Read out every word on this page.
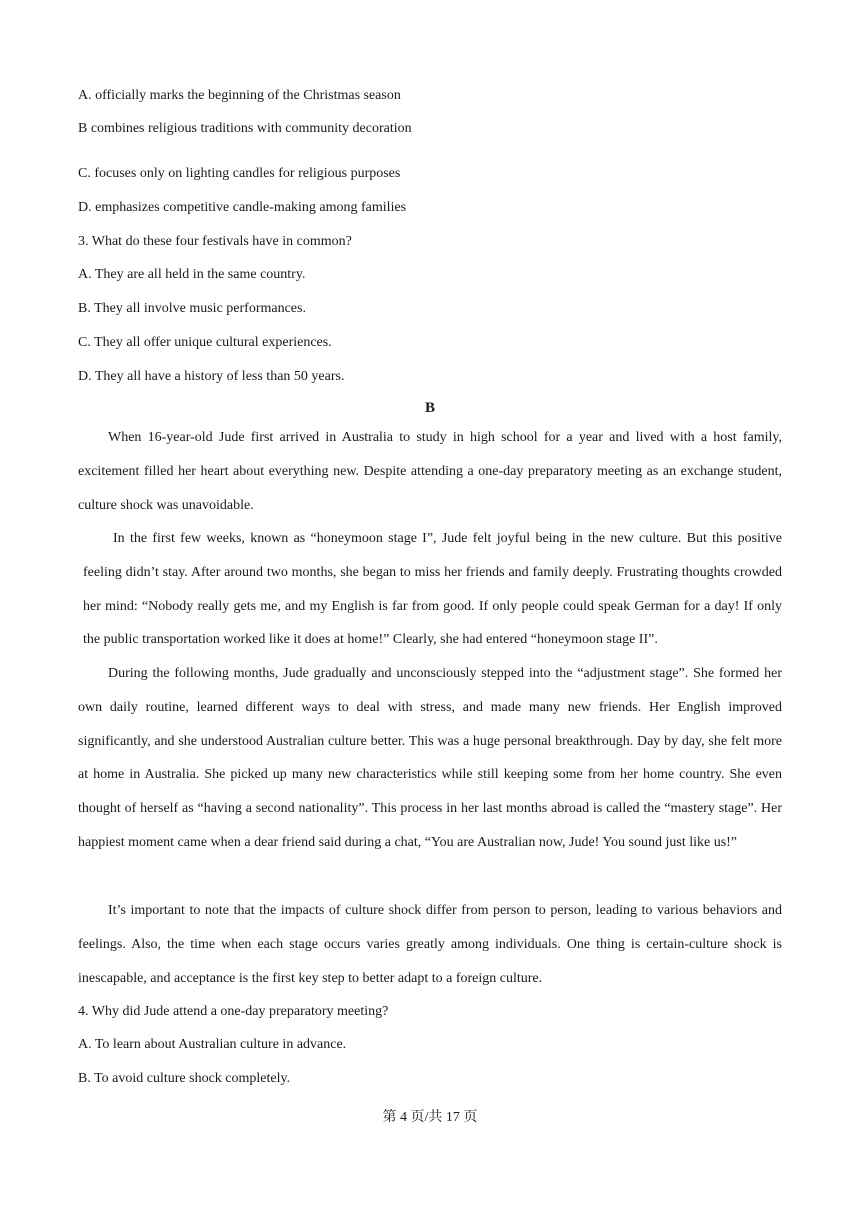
A. officially marks the beginning of the Christmas season
B combines religious traditions with community decoration
C. focuses only on lighting candles for religious purposes
D. emphasizes competitive candle-making among families
3. What do these four festivals have in common?
A. They are all held in the same country.
B. They all involve music performances.
C. They all offer unique cultural experiences.
D. They all have a history of less than 50 years.
B
When 16-year-old Jude first arrived in Australia to study in high school for a year and lived with a host family, excitement filled her heart about everything new. Despite attending a one-day preparatory meeting as an exchange student, culture shock was unavoidable.
In the first few weeks, known as “honeymoon stage I”, Jude felt joyful being in the new culture. But this positive feeling didn’t stay. After around two months, she began to miss her friends and family deeply. Frustrating thoughts crowded her mind: “Nobody really gets me, and my English is far from good. If only people could speak German for a day! If only the public transportation worked like it does at home!” Clearly, she had entered “honeymoon stage II”.
During the following months, Jude gradually and unconsciously stepped into the “adjustment stage”. She formed her own daily routine, learned different ways to deal with stress, and made many new friends. Her English improved significantly, and she understood Australian culture better. This was a huge personal breakthrough. Day by day, she felt more at home in Australia. She picked up many new characteristics while still keeping some from her home country. She even thought of herself as “having a second nationality”. This process in her last months abroad is called the “mastery stage”. Her happiest moment came when a dear friend said during a chat, “You are Australian now, Jude! You sound just like us!”
It’s important to note that the impacts of culture shock differ from person to person, leading to various behaviors and feelings. Also, the time when each stage occurs varies greatly among individuals. One thing is certain-culture shock is inescapable, and acceptance is the first key step to better adapt to a foreign culture.
4. Why did Jude attend a one-day preparatory meeting?
A. To learn about Australian culture in advance.
B. To avoid culture shock completely.
第 4 页/共 17 页
